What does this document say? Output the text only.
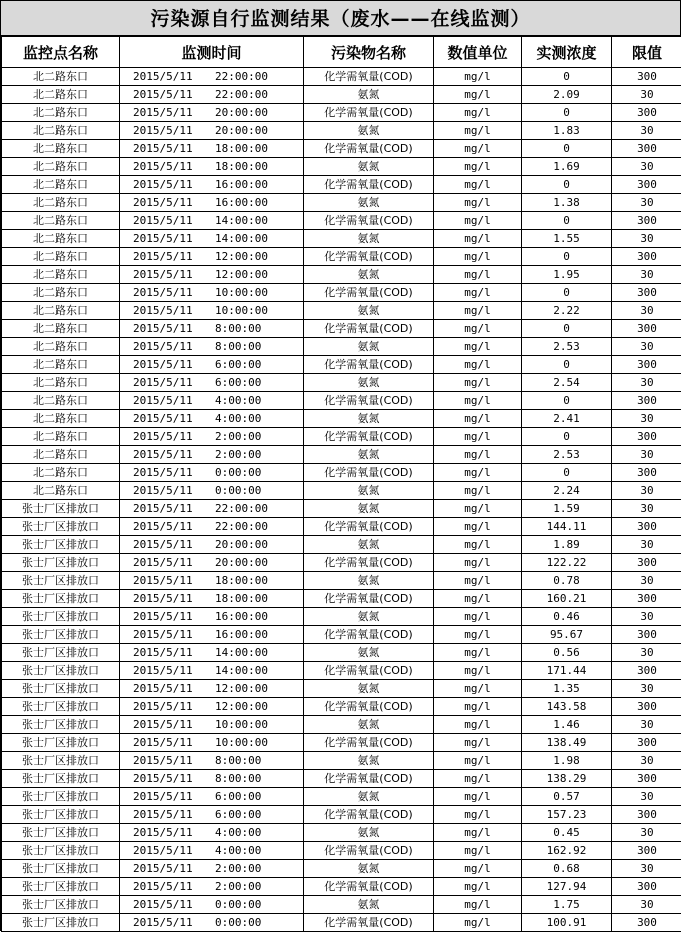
污染源自行监测结果（废水——在线监测）
监控点名称	监测时间	污染物名称	数值单位	实测浓度	限值
北二路东口	2015/5/11 22:00:00	化学需氧量(COD)	mg/l	0	300
北二路东口	2015/5/11 22:00:00	氨氮	mg/l	2.09	30
北二路东口	2015/5/11 20:00:00	化学需氧量(COD)	mg/l	0	300
北二路东口	2015/5/11 20:00:00	氨氮	mg/l	1.83	30
北二路东口	2015/5/11 18:00:00	化学需氧量(COD)	mg/l	0	300
北二路东口	2015/5/11 18:00:00	氨氮	mg/l	1.69	30
北二路东口	2015/5/11 16:00:00	化学需氧量(COD)	mg/l	0	300
北二路东口	2015/5/11 16:00:00	氨氮	mg/l	1.38	30
北二路东口	2015/5/11 14:00:00	化学需氧量(COD)	mg/l	0	300
北二路东口	2015/5/11 14:00:00	氨氮	mg/l	1.55	30
北二路东口	2015/5/11 12:00:00	化学需氧量(COD)	mg/l	0	300
北二路东口	2015/5/11 12:00:00	氨氮	mg/l	1.95	30
北二路东口	2015/5/11 10:00:00	化学需氧量(COD)	mg/l	0	300
北二路东口	2015/5/11 10:00:00	氨氮	mg/l	2.22	30
北二路东口	2015/5/11 8:00:00	化学需氧量(COD)	mg/l	0	300
北二路东口	2015/5/11 8:00:00	氨氮	mg/l	2.53	30
北二路东口	2015/5/11 6:00:00	化学需氧量(COD)	mg/l	0	300
北二路东口	2015/5/11 6:00:00	氨氮	mg/l	2.54	30
北二路东口	2015/5/11 4:00:00	化学需氧量(COD)	mg/l	0	300
北二路东口	2015/5/11 4:00:00	氨氮	mg/l	2.41	30
北二路东口	2015/5/11 2:00:00	化学需氧量(COD)	mg/l	0	300
北二路东口	2015/5/11 2:00:00	氨氮	mg/l	2.53	30
北二路东口	2015/5/11 0:00:00	化学需氧量(COD)	mg/l	0	300
北二路东口	2015/5/11 0:00:00	氨氮	mg/l	2.24	30
张士厂区排放口	2015/5/11 22:00:00	氨氮	mg/l	1.59	30
张士厂区排放口	2015/5/11 22:00:00	化学需氧量(COD)	mg/l	144.11	300
张士厂区排放口	2015/5/11 20:00:00	氨氮	mg/l	1.89	30
张士厂区排放口	2015/5/11 20:00:00	化学需氧量(COD)	mg/l	122.22	300
张士厂区排放口	2015/5/11 18:00:00	氨氮	mg/l	0.78	30
张士厂区排放口	2015/5/11 18:00:00	化学需氧量(COD)	mg/l	160.21	300
张士厂区排放口	2015/5/11 16:00:00	氨氮	mg/l	0.46	30
张士厂区排放口	2015/5/11 16:00:00	化学需氧量(COD)	mg/l	95.67	300
张士厂区排放口	2015/5/11 14:00:00	氨氮	mg/l	0.56	30
张士厂区排放口	2015/5/11 14:00:00	化学需氧量(COD)	mg/l	171.44	300
张士厂区排放口	2015/5/11 12:00:00	氨氮	mg/l	1.35	30
张士厂区排放口	2015/5/11 12:00:00	化学需氧量(COD)	mg/l	143.58	300
张士厂区排放口	2015/5/11 10:00:00	氨氮	mg/l	1.46	30
张士厂区排放口	2015/5/11 10:00:00	化学需氧量(COD)	mg/l	138.49	300
张士厂区排放口	2015/5/11 8:00:00	氨氮	mg/l	1.98	30
张士厂区排放口	2015/5/11 8:00:00	化学需氧量(COD)	mg/l	138.29	300
张士厂区排放口	2015/5/11 6:00:00	氨氮	mg/l	0.57	30
张士厂区排放口	2015/5/11 6:00:00	化学需氧量(COD)	mg/l	157.23	300
张士厂区排放口	2015/5/11 4:00:00	氨氮	mg/l	0.45	30
张士厂区排放口	2015/5/11 4:00:00	化学需氧量(COD)	mg/l	162.92	300
张士厂区排放口	2015/5/11 2:00:00	氨氮	mg/l	0.68	30
张士厂区排放口	2015/5/11 2:00:00	化学需氧量(COD)	mg/l	127.94	300
张士厂区排放口	2015/5/11 0:00:00	氨氮	mg/l	1.75	30
张士厂区排放口	2015/5/11 0:00:00	化学需氧量(COD)	mg/l	100.91	300
